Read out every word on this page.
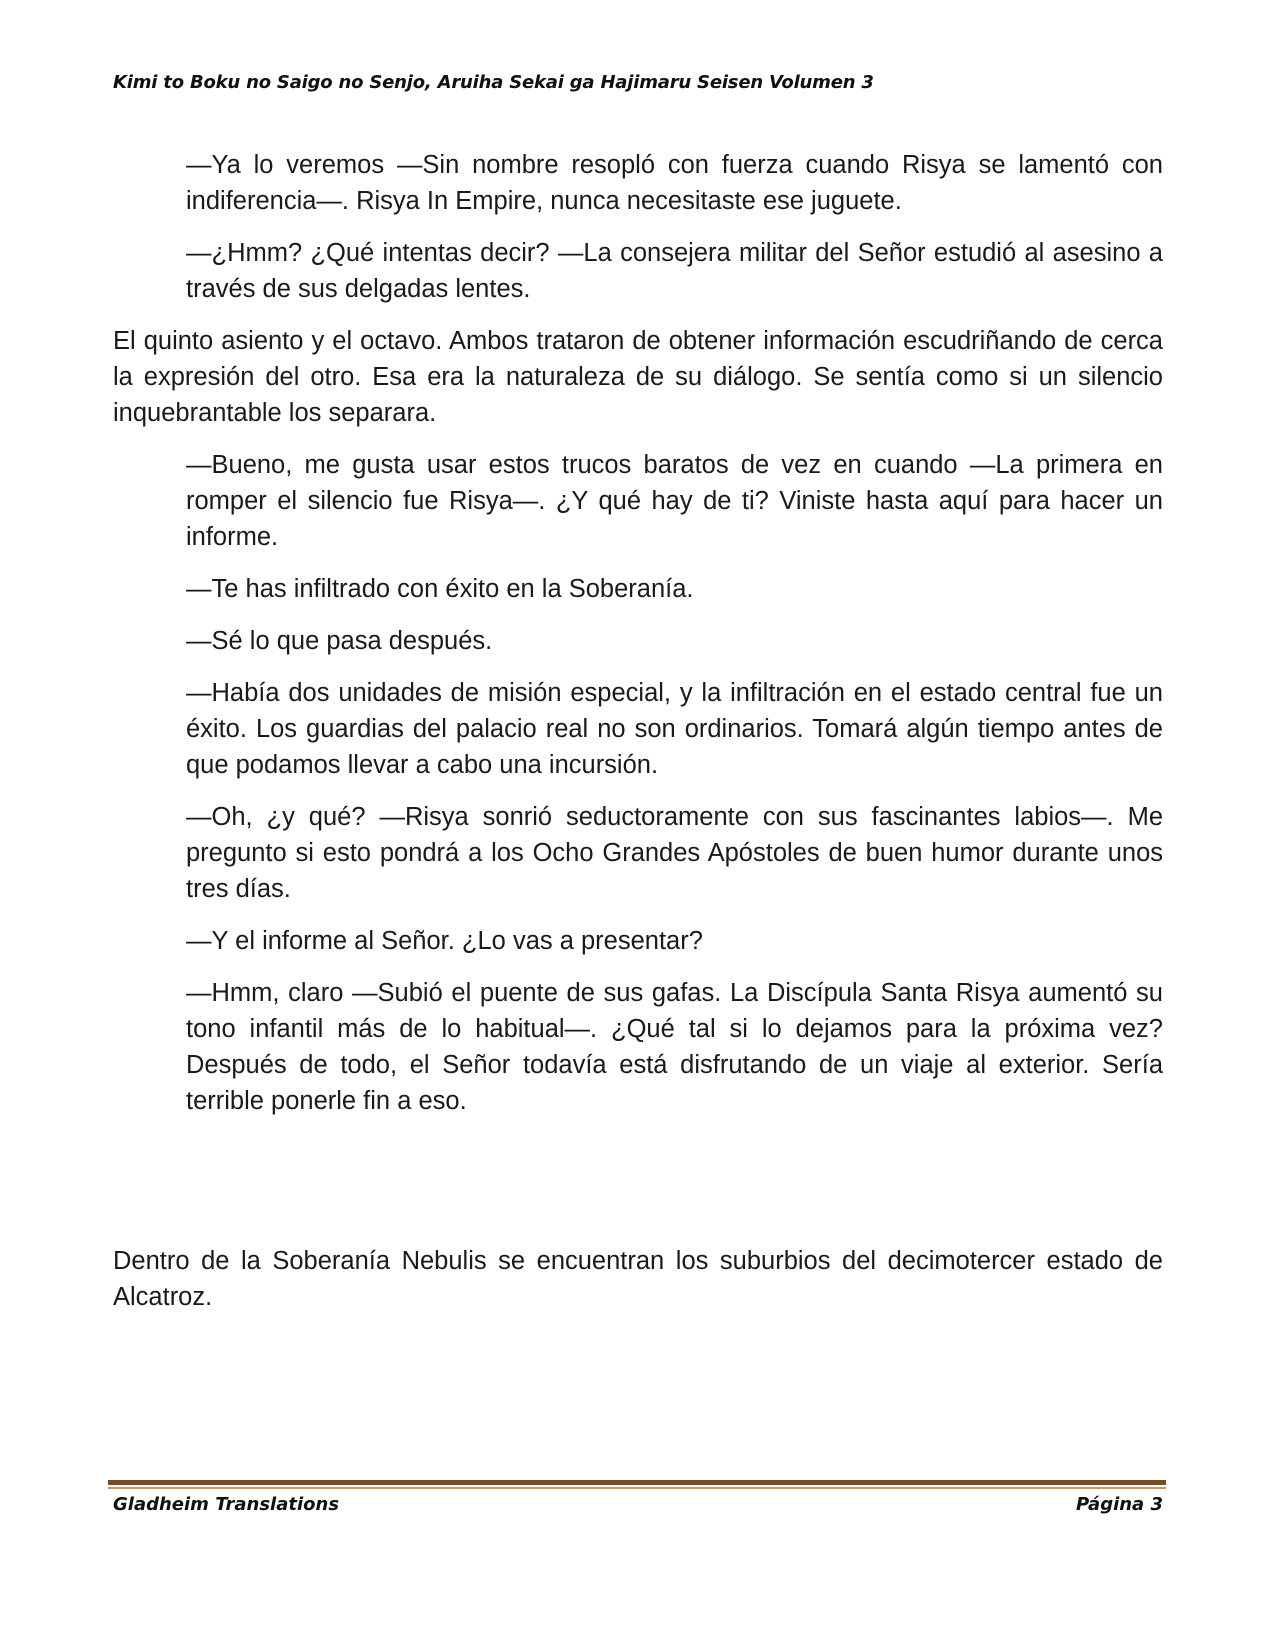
Kimi to Boku no Saigo no Senjo, Aruiha Sekai ga Hajimaru Seisen Volumen 3

—Ya lo veremos —Sin nombre resopló con fuerza cuando Risya se lamentó con indiferencia—. Risya In Empire, nunca necesitaste ese juguete.

—¿Hmm? ¿Qué intentas decir? —La consejera militar del Señor estudió al asesino a través de sus delgadas lentes.

El quinto asiento y el octavo. Ambos trataron de obtener información escudriñando de cerca la expresión del otro. Esa era la naturaleza de su diálogo. Se sentía como si un silencio inquebrantable los separara.

—Bueno, me gusta usar estos trucos baratos de vez en cuando —La primera en romper el silencio fue Risya—. ¿Y qué hay de ti? Viniste hasta aquí para hacer un informe.

—Te has infiltrado con éxito en la Soberanía.

—Sé lo que pasa después.

—Había dos unidades de misión especial, y la infiltración en el estado central fue un éxito. Los guardias del palacio real no son ordinarios. Tomará algún tiempo antes de que podamos llevar a cabo una incursión.

—Oh, ¿y qué? —Risya sonrió seductoramente con sus fascinantes labios—. Me pregunto si esto pondrá a los Ocho Grandes Apóstoles de buen humor durante unos tres días.

—Y el informe al Señor. ¿Lo vas a presentar?

—Hmm, claro —Subió el puente de sus gafas. La Discípula Santa Risya aumentó su tono infantil más de lo habitual—. ¿Qué tal si lo dejamos para la próxima vez? Después de todo, el Señor todavía está disfrutando de un viaje al exterior. Sería terrible ponerle fin a eso.

Dentro de la Soberanía Nebulis se encuentran los suburbios del decimotercer estado de Alcatroz.

Gladheim Translations	Página 3
